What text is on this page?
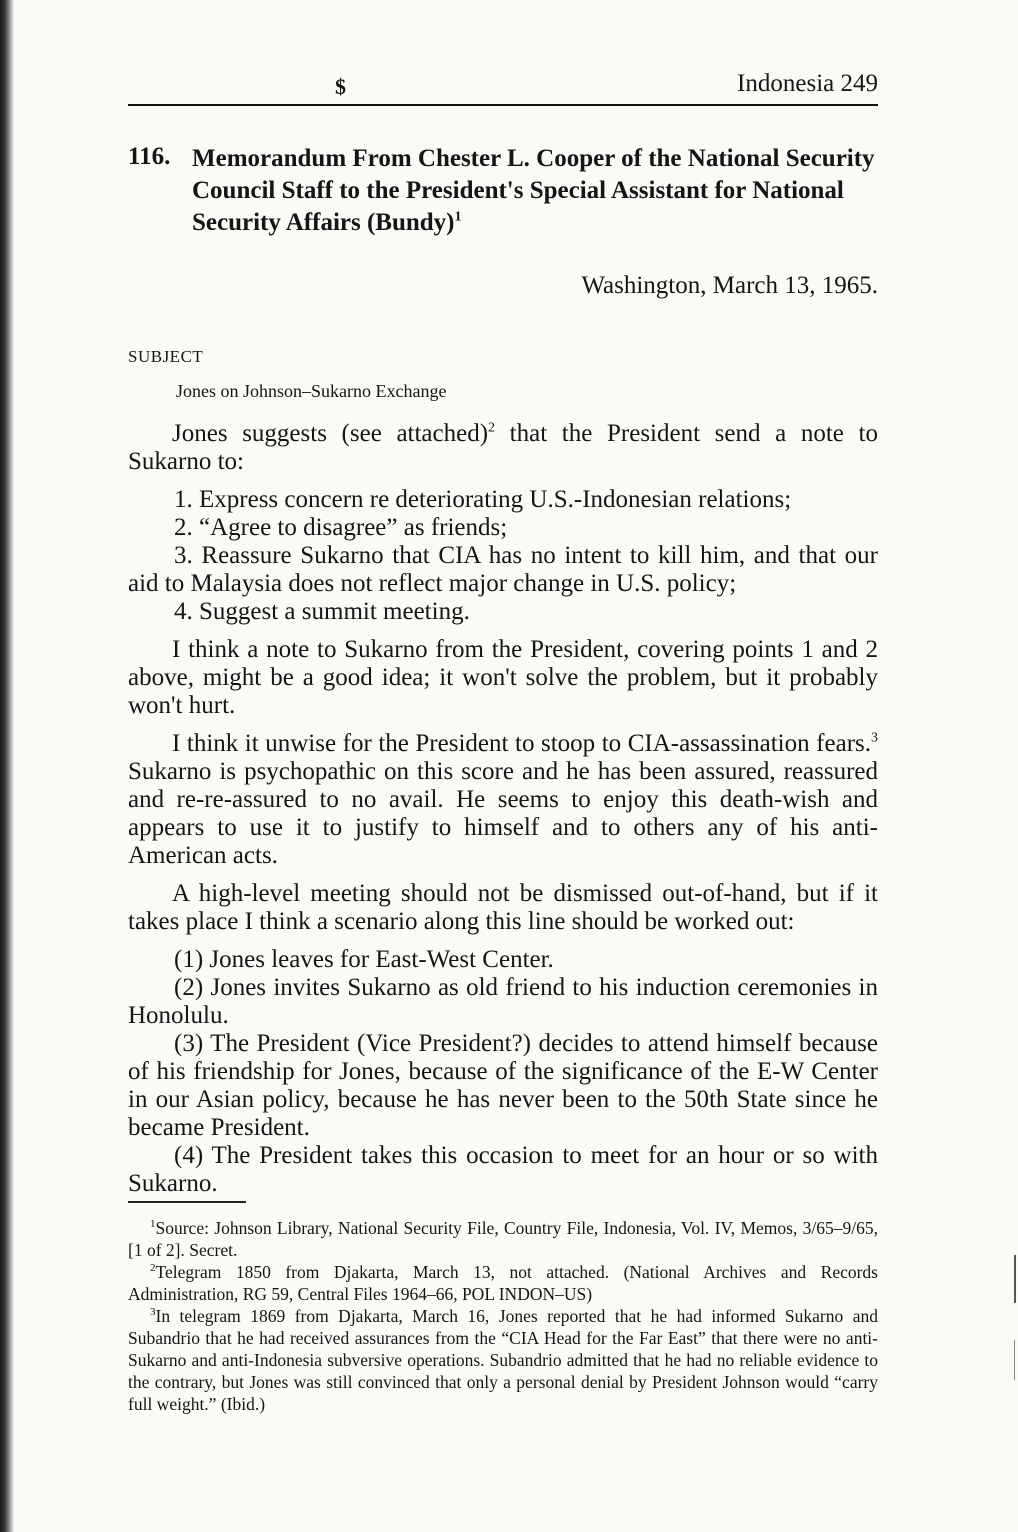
$	Indonesia 249
116. Memorandum From Chester L. Cooper of the National Security Council Staff to the President's Special Assistant for National Security Affairs (Bundy)$^1$
Washington, March 13, 1965.
SUBJECT
Jones on Johnson–Sukarno Exchange

Jones suggests (see attached)$^2$ that the President send a note to Sukarno to:

1. Express concern re deteriorating U.S.-Indonesian relations;

2. “Agree to disagree” as friends;

3. Reassure Sukarno that CIA has no intent to kill him, and that our aid to Malaysia does not reflect major change in U.S. policy;

4. Suggest a summit meeting.

I think a note to Sukarno from the President, covering points 1 and 2 above, might be a good idea; it won't solve the problem, but it probably won't hurt.

I think it unwise for the President to stoop to CIA-assassination fears.$^3$ Sukarno is psychopathic on this score and he has been assured, reassured and re-re-assured to no avail. He seems to enjoy this death-wish and appears to use it to justify to himself and to others any of his anti-American acts.

A high-level meeting should not be dismissed out-of-hand, but if it takes place I think a scenario along this line should be worked out:

(1) Jones leaves for East-West Center.

(2) Jones invites Sukarno as old friend to his induction ceremonies in Honolulu.

(3) The President (Vice President?) decides to attend himself because of his friendship for Jones, because of the significance of the E-W Center in our Asian policy, because he has never been to the 50th State since he became President.

(4) The President takes this occasion to meet for an hour or so with Sukarno.

$^1$Source: Johnson Library, National Security File, Country File, Indonesia, Vol. IV, Memos, 3/65–9/65, [1 of 2]. Secret.

$^2$Telegram 1850 from Djakarta, March 13, not attached. (National Archives and Records Administration, RG 59, Central Files 1964–66, POL INDON–US)

$^3$In telegram 1869 from Djakarta, March 16, Jones reported that he had informed Sukarno and Subandrio that he had received assurances from the “CIA Head for the Far East” that there were no anti-Sukarno and anti-Indonesia subversive operations. Subandrio admitted that he had no reliable evidence to the contrary, but Jones was still convinced that only a personal denial by President Johnson would “carry full weight.” (Ibid.)
